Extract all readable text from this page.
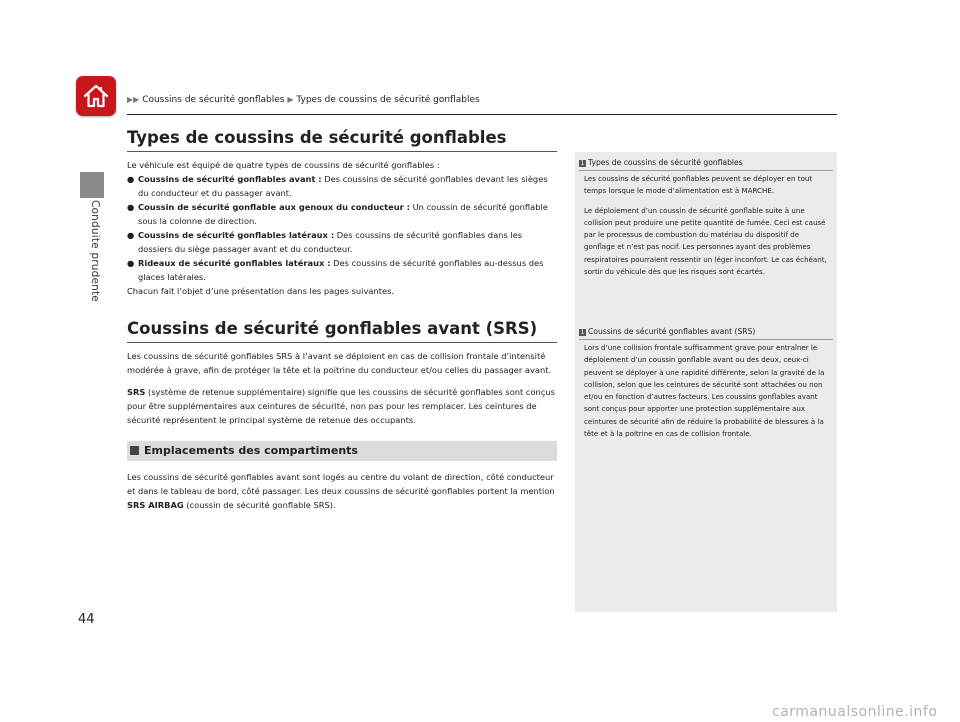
▶▶ Coussins de sécurité gonflables ▶ Types de coussins de sécurité gonflables
Conduite prudente
44
Types de coussins de sécurité gonflables

Le véhicule est équipé de quatre types de coussins de sécurité gonflables :

● Coussins de sécurité gonflables avant : Des coussins de sécurité gonflables devant les sièges du conducteur et du passager avant.
● Coussin de sécurité gonflable aux genoux du conducteur : Un coussin de sécurité gonflable sous la colonne de direction.
● Coussins de sécurité gonflables latéraux : Des coussins de sécurité gonflables dans les dossiers du siège passager avant et du conducteur.
● Rideaux de sécurité gonflables latéraux : Des coussins de sécurité gonflables au-dessus des glaces latérales.

Chacun fait l’objet d’une présentation dans les pages suivantes.

Coussins de sécurité gonflables avant (SRS)

Les coussins de sécurité gonflables SRS à l’avant se déploient en cas de collision frontale d’intensité modérée à grave, afin de protéger la tête et la poitrine du conducteur et/ou celles du passager avant.

SRS (système de retenue supplémentaire) signifie que les coussins de sécurité gonflables sont conçus pour être supplémentaires aux ceintures de sécurité, non pas pour les remplacer. Les ceintures de sécurité représentent le principal système de retenue des occupants.

Emplacements des compartiments

Les coussins de sécurité gonflables avant sont logés au centre du volant de direction, côté conducteur et dans le tableau de bord, côté passager. Les deux coussins de sécurité gonflables portent la mention SRS AIRBAG (coussin de sécurité gonflable SRS).

1 Types de coussins de sécurité gonflables

Les coussins de sécurité gonflables peuvent se déployer en tout temps lorsque le mode d’alimentation est à MARCHE.

Le déploiement d’un coussin de sécurité gonflable suite à une collision peut produire une petite quantité de fumée. Ceci est causé par le processus de combustion du matériau du dispositif de gonflage et n’est pas nocif. Les personnes ayant des problèmes respiratoires pourraient ressentir un léger inconfort. Le cas échéant, sortir du véhicule dès que les risques sont écartés.

1 Coussins de sécurité gonflables avant (SRS)

Lors d’une collision frontale suffisamment grave pour entraîner le déploiement d’un coussin gonflable avant ou des deux, ceux-ci peuvent se déployer à une rapidité différente, selon la gravité de la collision, selon que les ceintures de sécurité sont attachées ou non et/ou en fonction d’autres facteurs. Les coussins gonflables avant sont conçus pour apporter une protection supplémentaire aux ceintures de sécurité afin de réduire la probabilité de blessures à la tête et à la poitrine en cas de collision frontale.

carmanualsonline.info
